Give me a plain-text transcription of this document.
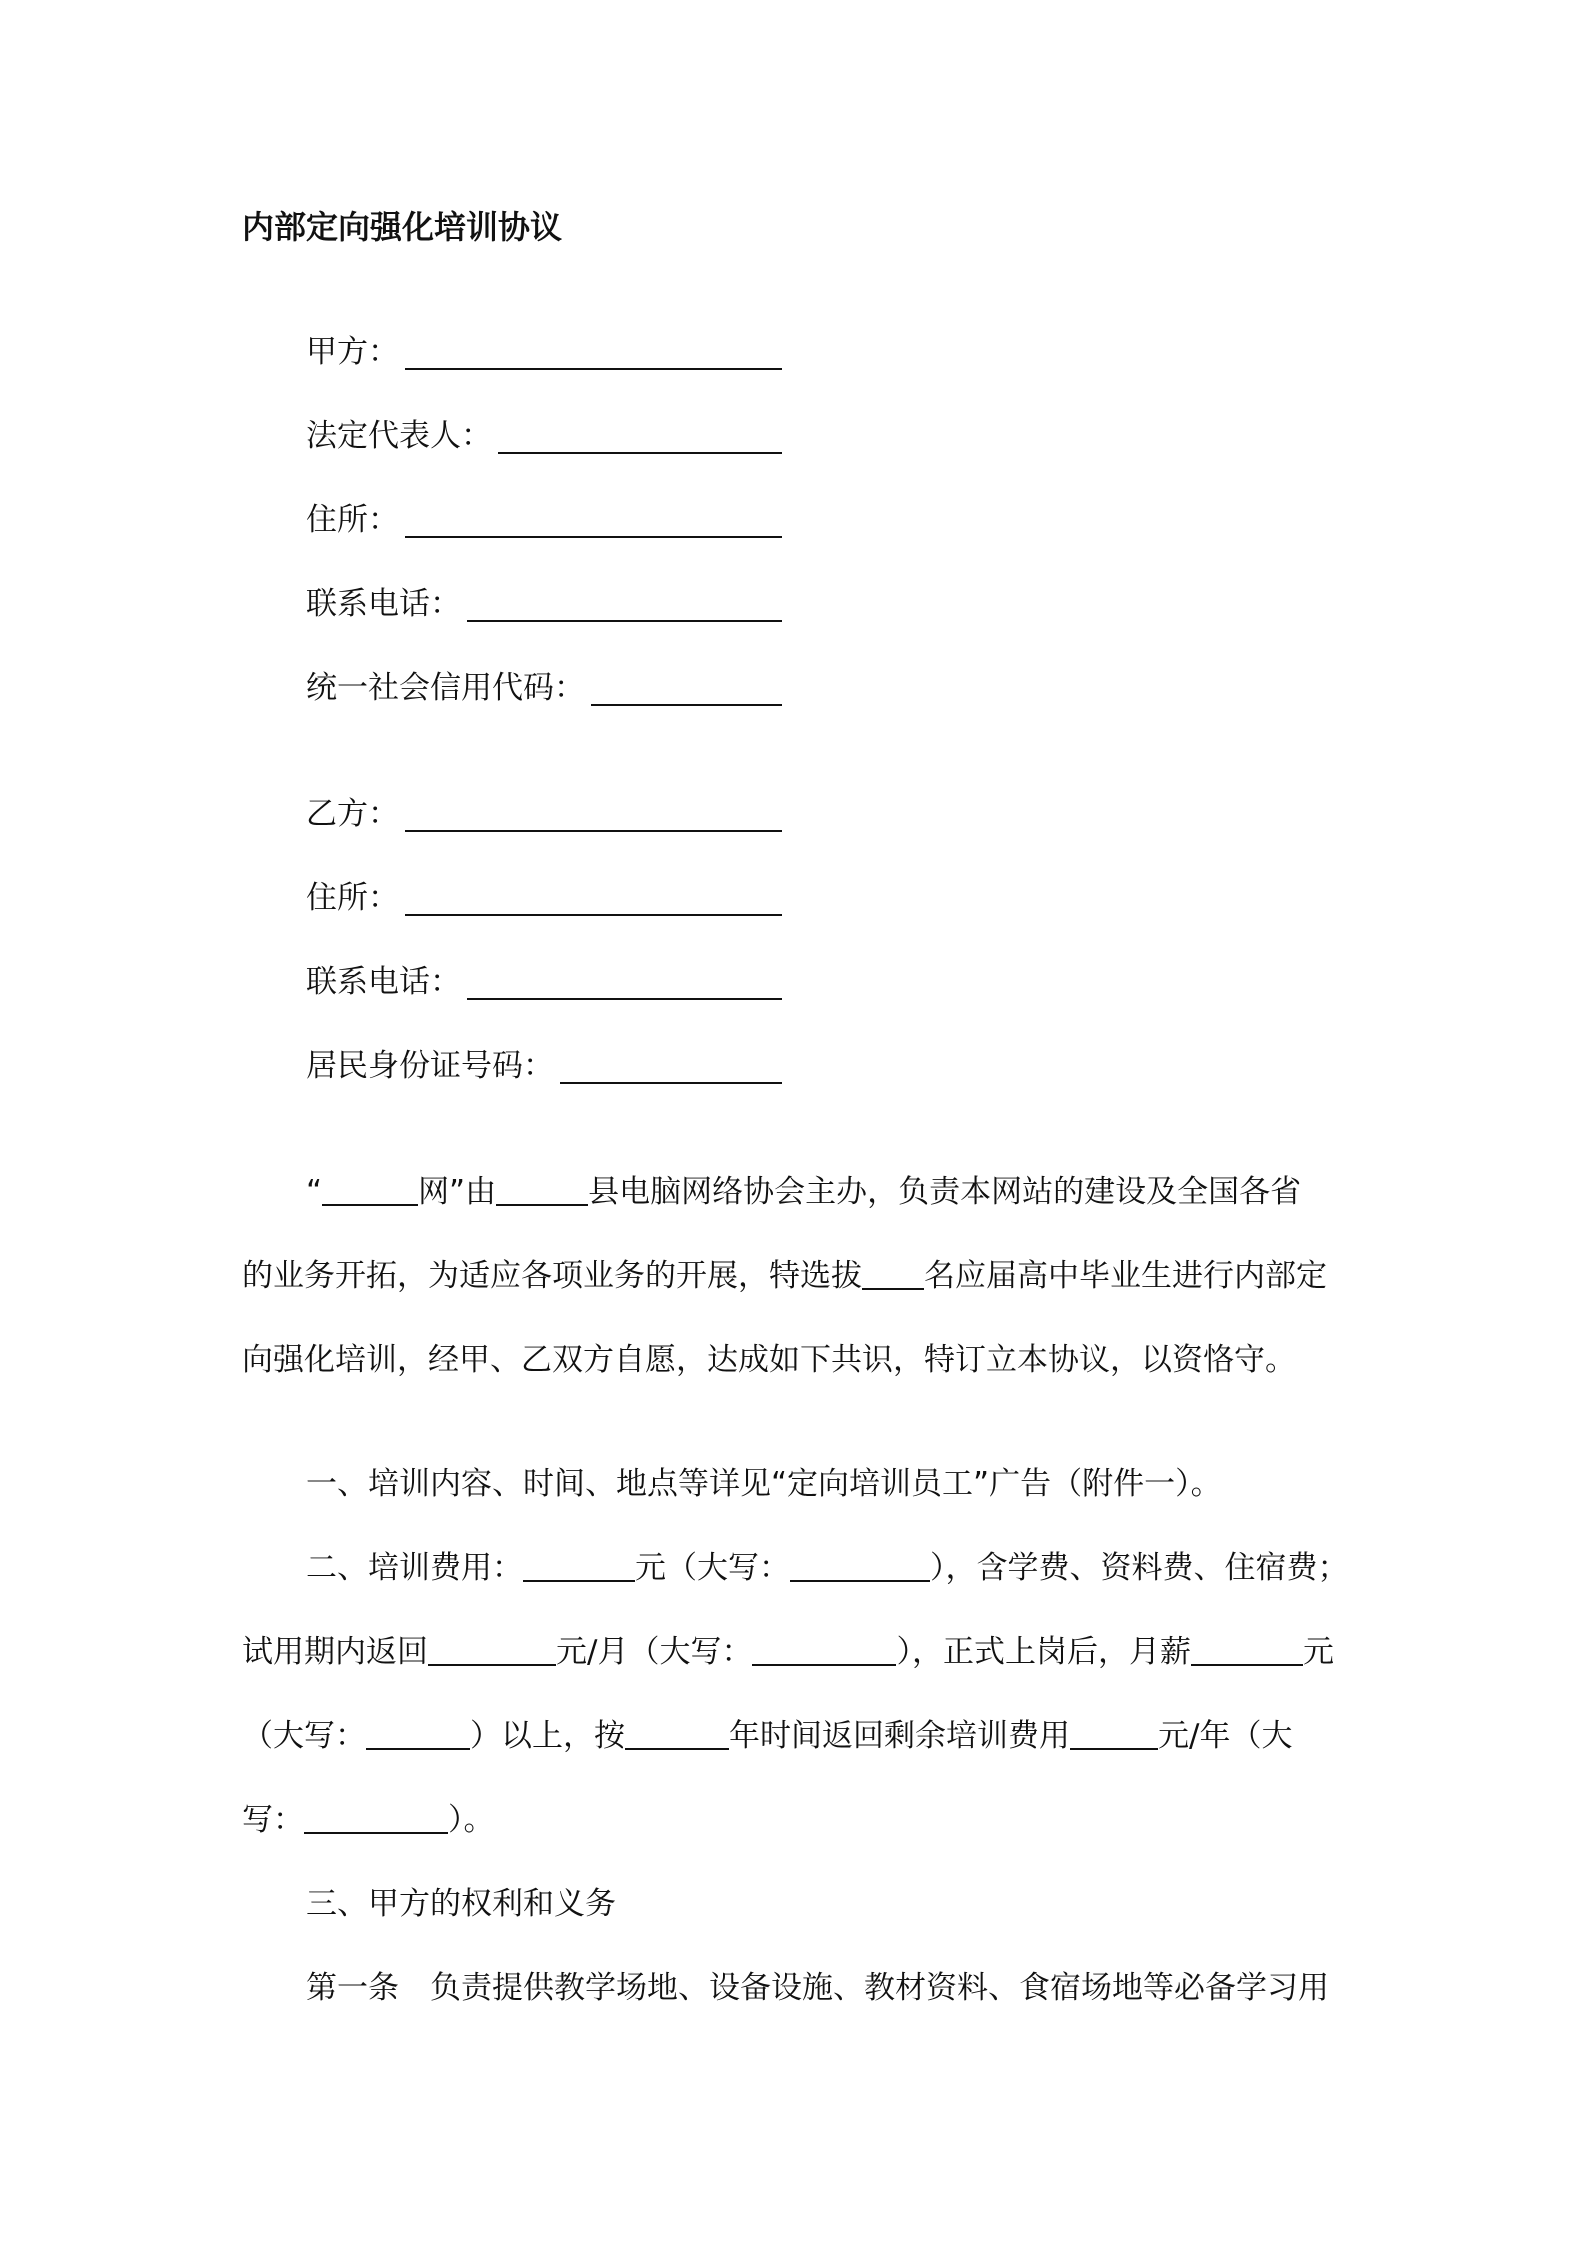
内部定向强化培训协议
甲方：
法定代表人：
住所：
联系电话：
统一社会信用代码：
乙方：
住所：
联系电话：
居民身份证号码：
“	网”由	县电脑网络协会主办，负责本网站的建设及全国各省
的业务开拓，为适应各项业务的开展，特选拔 名应届高中毕业生进行内部定
向强化培训，经甲、乙双方自愿，达成如下共识，特订立本协议，以资恪守。
一、培训内容、时间、地点等详见“定向培训员工”广告（附件一）。
二、培训费用：	元（大写：	），含学费、资料费、住宿费；
试用期内返回	元/月（大写：	），正式上岗后，月薪	元
（大写：	）以上，按	年时间返回剩余培训费用	元/年（大
写：	）。
三、甲方的权利和义务
第一条　负责提供教学场地、设备设施、教材资料、食宿场地等必备学习用
